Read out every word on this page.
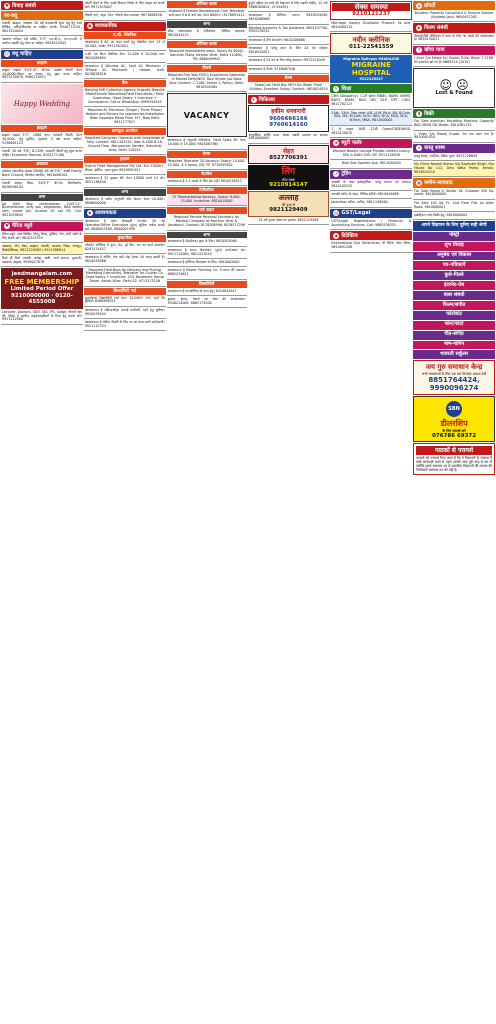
♥ विवाह संबंधी
वर-वधू
पंजाबी, ब्राह्मण, अग्रवाल 30 वर्ष कामकाजी सुंदर वधू हेतु उच्च शिक्षित, सर्विस/बिजनेस वर चाहिए। संपर्क: 9540771051, 9821520054
अग्रवाल परिवार 28 वर्षीय, 5'3", एम.बी.ए., एम.एन.सी. में कार्यरत लड़की हेतु योग्य वर चाहिए। 9818222045
☺ वधू चाहिए
ब्राह्मण
ब्राह्मण लड़का 32/5'-6", बी.टेक, प्राइवेट नौकरी वेतन 14,0000-पैकेज, घर अपना, हेतु सुंदर कन्या चाहिए। 9873230078, 9560118911
Happy Wedding
ब्राह्मण
ब्राह्मण लड़का 5'3", 1988 जन्म, सरकारी नौकरी, वेतन 30,000/- हेतु सुशील, गृहकार्य में दक्ष कन्या चाहिए। 9138881123
पंजाबी, 30 वर्ष, 5'8", B.COM, सरकारी नौकरी हेतु सुंदर कन्या चाहिए। Economic Teacher. 8302171160
अग्रवाल
अग्रवाल व्यापारिक लड़का (दिवोर्स) 28 वर्ष 5'8", अच्छी Family Back Ground, बिजनेस स्थापित, 9818096104
पंजाबी अरोड़ा, सिख, 34/5'7" बी.टेक, बिजनेसमैन, 9818096104
अन्य
Jat Sikh Boy cleanshaven 24/5'11", Businessman, only son, vegetarian, BBA seeks slim, smart girl. Income 20 Lac PA. Call: 9811059845
♥ मैरिज ब्यूरो
मैरिज ब्यूरो, उच्च शिक्षित, हिन्दू, सिख, मुस्लिम, जैन, सभी जाति के लिए संपर्क करें। 9810225555
अग्रवाल, जैन, वैश्य, ब्राह्मण, पंजाबी, कायस्थ, सिख, राजपूत, दिवोर्स/विधवा, 9821229289 | 9911588814
रिश्ते ही रिश्ते पंजाबी, अरोड़ा, खत्री, आर्य समाज, मुल्तानी, अग्रवाल, ब्राह्मण, 9999027878
jeedmangalam.com
FREE MEMBERSHIP
Limited Period Offer
9210000000 · 0120-4555008
Lecturer, Doctors, SDO, IAS, IPS, Judge, नौकरी पेशा की, विदेश में कार्यरत लड़के/लड़कियों के रिश्ते हेतु संपर्क करें। 9911112580
प्रोपर्टी बेचने के लिए अच्छे विकल्प निवेश के लिए ग्राहक को संपर्क करें। 9971955047
नौकरी पाएँ, अमृत 30+ नौकरी सेवा उपलब्ध, 9871888558
▣ व्यावसायिक
ए.सी. मैकेनिक
आवश्यकता है AC का काम करने हेतु मैकेनिक वेतन 15 से 20,000, संपर्क: 9971901001
ए.सी. एवं फ्रिज मैकेनिक वेतन 12,000 से 20,000 तक। 9810089894
आवश्यकता है Window AC, Split AC Mechanic / 3Phase AC Mechanic / Helper, संपर्क: 8076828816
बैंक
Banking EMI Collection Agency Urgently Require Male/Female Telecallers/Field Executives / Field Supervisor, Good Salary + Incentive + Conveyance. Call or WhatsApp: 9999554955
Required AC Mechanic (Single / Three Phase) Helpers and Drivers for sale/service/installation Near Opposite Metro Pillar 337, New Delhi 9811777927
कम्प्यूटर आपरेटर
Required Computer Operator with knowledge of Tally. Contact: 9811183155, Add: A-18/8 B-18, Ground Floor, Mansarover Garden, Industrial Area, Delhi 110015
ड्राइवर
Hybrid Fleet Management Pvt Ltd. वेतन 13000+, डीजल, इंसेंटिव, रहना मुफ्त। 8929991551
आवश्यकता है 22 ड्राइवर की। वेतन 15000 रुपये 24 घंटे। 9031136440
अन्य
आवश्यकता है स्टॉफ अनुभवी और फ्रेशर। वेतन 10,000। 9896000000
◆ आवश्यकता
आवश्यकता है फ्रांस फ्रैंचाइजी एम्प्लॉय 30 नई Operator/Office Executive (पु/म) सुविधा पर्याप्त संपर्क करें: 9840007489, 9840007499
कुक/सेवा
प्लेसमेंट सर्विसेज में कुक, मेड, पूरे दिन, रात का कार्य उपलब्ध। 8287474457
आवश्यकता है नर्सिंग, मेल नर्स/ मेड/ हेल्पर 50 जगह खाली हैं। 9810035866
Required Field Boys for Delivery and Picking Marketing Executives, Telecaller for Courier Co. Good Salary + Incentive. 253, Basement Hansa Tower, Ashok Vihar, Delhi 52. 9711573236
सिक्योरिटी गार्ड
सुपर्वाइजर सिक्योरिटी गार्ड वेतन 15,000+ भत्ते, रहने की सुविधा। 8586998311
आवश्यकता है लेडीज/जेंट्स सफाई कर्मचारी, रहने हेतु सुविधा। 9910079944
आवश्यकता है लेडीज नौकरी के लिए घर का काम करने वाले/वाली। 9911112334
ऑफिस स्टाफ
आवश्यकता है Female Receptionist Cum Telecaller कार्य-काल 9 से 6 बजे तक। वेतन 8000+। 8178891412
अन्य
सीक आवश्यकता है टेलीकॉलर, ऑफिस सहायक, 9810034125
ऑफिस स्टाफ
Required immediately peon, Salary Rs 9000/- Kanchan Plaza, Nirman Vihar, Delhi 110092, PH: 8860499942
टीचर्स
Required Five Year FMCG Experience Salesman in Market Delhi/NCR, Ravi Shyam Joo Dass Glue Contact: C-1168, Sector 1, Rohini, Delhi, 9818544565
VACANCY
आवश्यकता है अनुभवी टेलीकॉलर, Field Sales की। वेतन 10,000 से 15,000। 9818087465
सेल्स
Required Telecaller 20 Vacancy. Salary: 14,000-25,000. 4-5 hours, ESI, PF. 9719599302
डैटाबेस
आवश्यकता है 3-5 लड़के के लिए डेटा एंट्री। 9810518913
टेलीकॉलर
37 Telemarketing Vacancy, Salary: 8,000-25,000. Incentive. 8810015000
पार्ट टाइम
Required Female Personal Secretary for Medical Company at Paschim Vihar & Janakpuri. Contact: 8178208996, 8076577296
अन्य
आवश्यकता है मेड/सेवक/ कुक के लिए। 9810505060
आवश्यकता है स्टाफ केयरटेकर (पु/म) कार्य-स्थल घर। 9911112080, 9811221014
आवश्यकता है इंटीरियर डिजाइनर के लिए। 9810002000
आवश्यकता है Blister Packing Co. में स्टाफ की जरूरत। 8882274621
सिक्योरिटी
आवश्यकता है घर/ऑफिस के काम हेतु। 8410044447
ड्राइवर, हेल्पर, पैकर्स एवं लेबर की आवश्यकता। 9540214000, 8882174500
बुजुर्ग महिला एवं बच्चे की देखभाल के लिए लड़की चाहिए, 12 घंटे। 9868165624, 47444551
आवश्यकता है सीनियर स्टाफ। 9818334590, 9818266966
Wanted Accounts & Tax Assistant. 9891537700, 9953378245
आवश्यकता है तीन सेल्समैन। 9810208666
आवश्यकता है घरेलू काम के लिए 24 घंटे महिला। 9818542001
आवश्यकता है 24 घंटे के लिए घरेलू कामगार। 9971122009
आवश्यकता है पेंटर्स। 9716087546
सेल्स
SalesCum Field Boy WFH For Water Proof Utilities. Excellent Salary. Contact: 9818024920
+ चिकित्सा
हकीम धनवन्तरी
9606666166
9760614160
आयुर्वेदिक शक्ति दावा, सेक्स संबंधी समस्या का इलाज। 9810000000
सेहत
8527706391
लिंग
मोटा लम्बा
9210914147
अल्लाह
की दुआ से
9821129409
34 वर्ष पुराना सेक्स का इलाज। 9821129409
सेक्स समस्या
9210121237
Marriage Inquiry Duplicate Product, रेड कलर, 9810000110
नवीन क्लीनिक
011-22541559
Migraine Epilepsy HEADACHE
MIGRAINE HOSPITAL
9312125237
✎ शिक्षा
CMS (Allopathy), CCH with MBBS, BAMS, BHMS, BNYS, BUMS, BDS, MD, DLP, DPT, CMO, 9811702117
10th, 12th, Two year LLB, LLM, Ph.d, BA, B.Com, BSc, MA, M.Com, M.Sc, BEd, DCA, MCA, BCA, B.Tech, MBA, 9811000001
7, 8 फाइल 10वीं, 12वीं Open/CBSE/NIOS. 9810120070
❀ ब्यूटी पार्लर
Wisdom Beauty Lounge Private Limited Luxury SPA in Delhi 50% Off. 9311118838
Blue Star Sparkle Spa. 9811030050
↗ ट्रेडिंग
आबकी के अंदर इलेक्ट्रॉनिक, घरेलू सामान एवं मरम्मत। 9810205255
आपकी स्कीम के अंदर, विभिन्न स्कीमें। 9810054888
Jalandhar स्कीम, जानिए, 9811138580
▤ GST/Legal
GST/Legal Registrations / Financial & Accounting Services. Call: 9880526351
◉ डिटेक्टिव
International Eye Detectives, प्री मैरिज, पोस्ट मैरिज, 9810091208
⌂ प्रॉपर्टी
Builders, Property Consultant & Finance Advisor (Kuldeep Jain). 9650437262
▶ फिल्म संबंधी
फिल्मों/टीवी सीरियल्स में काम के लिए नए चेहरों की आवश्यकता है। 9818150011
? खोया पाया
I Arun S/o Mewa Lal Gupta, R.No. Block 1 2188. मेरे दस्तावेज़ खो गए हैं। 9665514 (2015)
☺ ☹
Lost & Found
$ बिक्री
For Sale Injection Moulding Machine Capacity 600 GRAM DD Model. 9810361133
I, Vider S/o Manoj Gupta. मेरा नाम बदल गया है। 9810001010
✦ वास्तु शास्त्र
वास्तु शास्त्र, ज्योतिष, वैदिक पूजा। 9871228899
My Client Naresh Kumar S/o Raghubir Singh, R/o House No 112, Desi Wala Patna, Kerala. 9876543210
▦ जमीन-जायदाद
For Sale House in Sector 16, Gurgaon 350 Sq. yards. 9818000000
For Sale 105 Sq. Ft. 2nd Floor Flat on Allen Road. 9810000001
इंडस्ट्रियल प्लॉट बिक्री हेतु। 9810000002
अपने विज्ञापन के लिए चुनिए सही श्रेणी
पोस्ट्री
शुभ विवाह
अनुबंध एवं विकास
पत्र-पत्रिकायें
कुसे-पिल्ले
इंटरनेट-वेब
बाबा संबंधी
फिल्म/संगीत
फोटोस्टेट
फोन/फोटो
गीत-संगीत
नाम-नागिन
भावरती सर्कुलर
जय गुरु समाधान केन्द्र
सभी समस्याओं के लिए एक बार मिलकर अवश्य देखें
8851764424, 9990096274
SBN
डीलरशिप
के लिए सम्पर्क करें
076786 69372
पाठकों से परामर्श
पाठकों को परामर्श दिया जाता है कि वे विज्ञापनों के सम्बन्ध में कोई कार्यवाही करने से पहले उसकी जांच पूरी तरह से कर लें क्योंकि हमारे समाचार पत्र में प्रकाशित विज्ञापनों की सत्यता की जिम्मेदारी समाचार पत्र की नहीं है।
